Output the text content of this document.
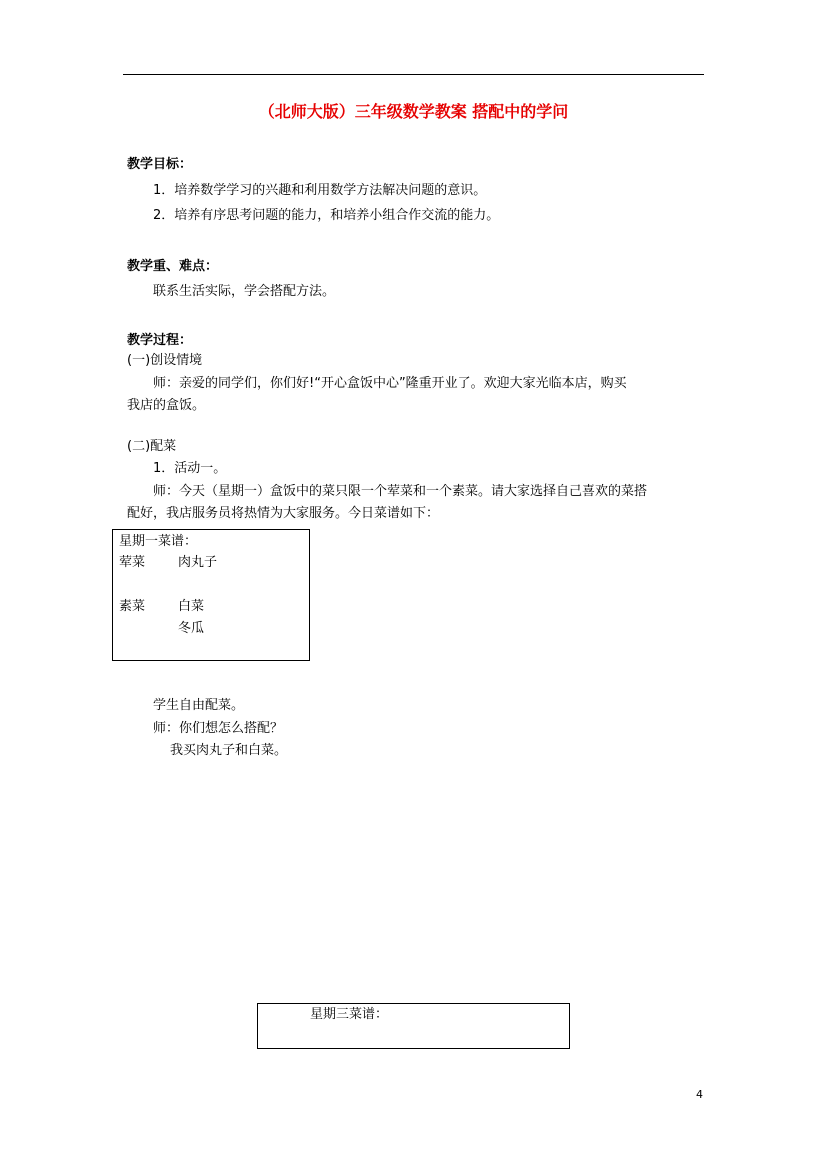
（北师大版）三年级数学教案 搭配中的学问
教学目标：
1．培养数学学习的兴趣和利用数学方法解决问题的意识。
2．培养有序思考问题的能力，和培养小组合作交流的能力。
教学重、难点：
联系生活实际，学会搭配方法。
教学过程：
(一)创设情境
师：亲爱的同学们，你们好!“开心盒饭中心”隆重开业了。欢迎大家光临本店，购买
我店的盒饭。
(二)配菜
1．活动一。
师：今天（星期一）盒饭中的菜只限一个荤菜和一个素菜。请大家选择自己喜欢的菜搭
配好，我店服务员将热情为大家服务。今日菜谱如下：
星期一菜谱：
荤菜	肉丸子
素菜	白菜
冬瓜
学生自由配菜。
师：你们想怎么搭配？
我买肉丸子和白菜。
星期三菜谱：
4
